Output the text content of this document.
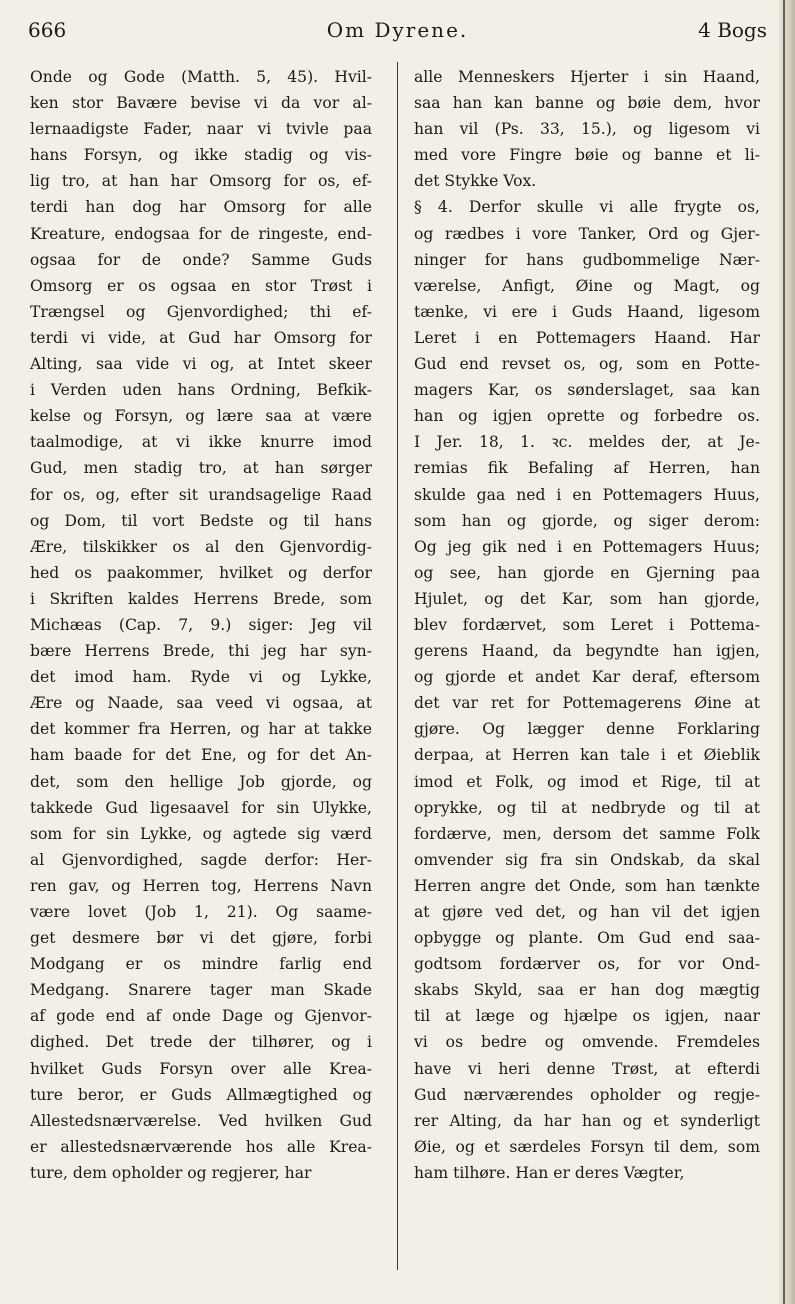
666	Om Dyrene.	4 Bogs
Onde og Gode (Matth. 5, 45). Hvil-
ken stor Bavære bevise vi da vor al-
lernaadigste Fader, naar vi tvivle paa
hans Forsyn, og ikke stadig og vis-
lig tro, at han har Omsorg for os, ef-
terdi han dog har Omsorg for alle
Kreature, endogsaa for de ringeste, end-
ogsaa for de onde? Samme Guds
Omsorg er os ogsaa en stor Trøst i
Trængsel og Gjenvordighed; thi ef-
terdi vi vide, at Gud har Omsorg for
Alting, saa vide vi og, at Intet skeer
i Verden uden hans Ordning, Befkik-
kelse og Forsyn, og lære saa at være
taalmodige, at vi ikke knurre imod
Gud, men stadig tro, at han sørger
for os, og, efter sit urandsagelige Raad
og Dom, til vort Bedste og til hans
Ære, tilskikker os al den Gjenvordig-
hed os paakommer, hvilket og derfor
i Skriften kaldes Herrens Brede, som
Michæas (Cap. 7, 9.) siger: Jeg vil
bære Herrens Brede, thi jeg har syn-
det imod ham. Ryde vi og Lykke,
Ære og Naade, saa veed vi ogsaa, at
det kommer fra Herren, og har at takke
ham baade for det Ene, og for det An-
det, som den hellige Job gjorde, og
takkede Gud ligesaavel for sin Ulykke,
som for sin Lykke, og agtede sig værd
al Gjenvordighed, sagde derfor: Her-
ren gav, og Herren tog, Herrens Navn
være lovet (Job 1, 21). Og saame-
get desmere bør vi det gjøre, forbi
Modgang er os mindre farlig end
Medgang. Snarere tager man Skade
af gode end af onde Dage og Gjenvor-
dighed. Det trede der tilhører, og i
hvilket Guds Forsyn over alle Krea-
ture beror, er Guds Allmægtighed og
Allestedsnærværelse. Ved hvilken Gud
er allestedsnærværende hos alle Krea-
ture, dem opholder og regjerer, har
alle Menneskers Hjerter i sin Haand,
saa han kan banne og bøie dem, hvor
han vil (Ps. 33, 15.), og ligesom vi
med vore Fingre bøie og banne et li-
det Stykke Vox.
§ 4. Derfor skulle vi alle frygte os,
og rædbes i vore Tanker, Ord og Gjer-
ninger for hans gudbommelige Nær-
værelse, Anfigt, Øine og Magt, og
tænke, vi ere i Guds Haand, ligesom
Leret i en Pottemagers Haand. Har
Gud end revset os, og, som en Potte-
magers Kar, os sønderslaget, saa kan
han og igjen oprette og forbedre os.
I Jer. 18, 1. ꝛc. meldes der, at Je-
remias fik Befaling af Herren, han
skulde gaa ned i en Pottemagers Huus,
som han og gjorde, og siger derom:
Og jeg gik ned i en Pottemagers Huus;
og see, han gjorde en Gjerning paa
Hjulet, og det Kar, som han gjorde,
blev fordærvet, som Leret i Pottema-
gerens Haand, da begyndte han igjen,
og gjorde et andet Kar deraf, eftersom
det var ret for Pottemagerens Øine at
gjøre. Og lægger denne Forklaring
derpaa, at Herren kan tale i et Øieblik
imod et Folk, og imod et Rige, til at
oprykke, og til at nedbryde og til at
fordærve, men, dersom det samme Folk
omvender sig fra sin Ondskab, da skal
Herren angre det Onde, som han tænkte
at gjøre ved det, og han vil det igjen
opbygge og plante. Om Gud end saa-
godtsom fordærver os, for vor Ond-
skabs Skyld, saa er han dog mægtig
til at læge og hjælpe os igjen, naar
vi os bedre og omvende. Fremdeles
have vi heri denne Trøst, at efterdi
Gud nærværendes opholder og regje-
rer Alting, da har han og et synderligt
Øie, og et særdeles Forsyn til dem, som
ham tilhøre. Han er deres Vægter,
